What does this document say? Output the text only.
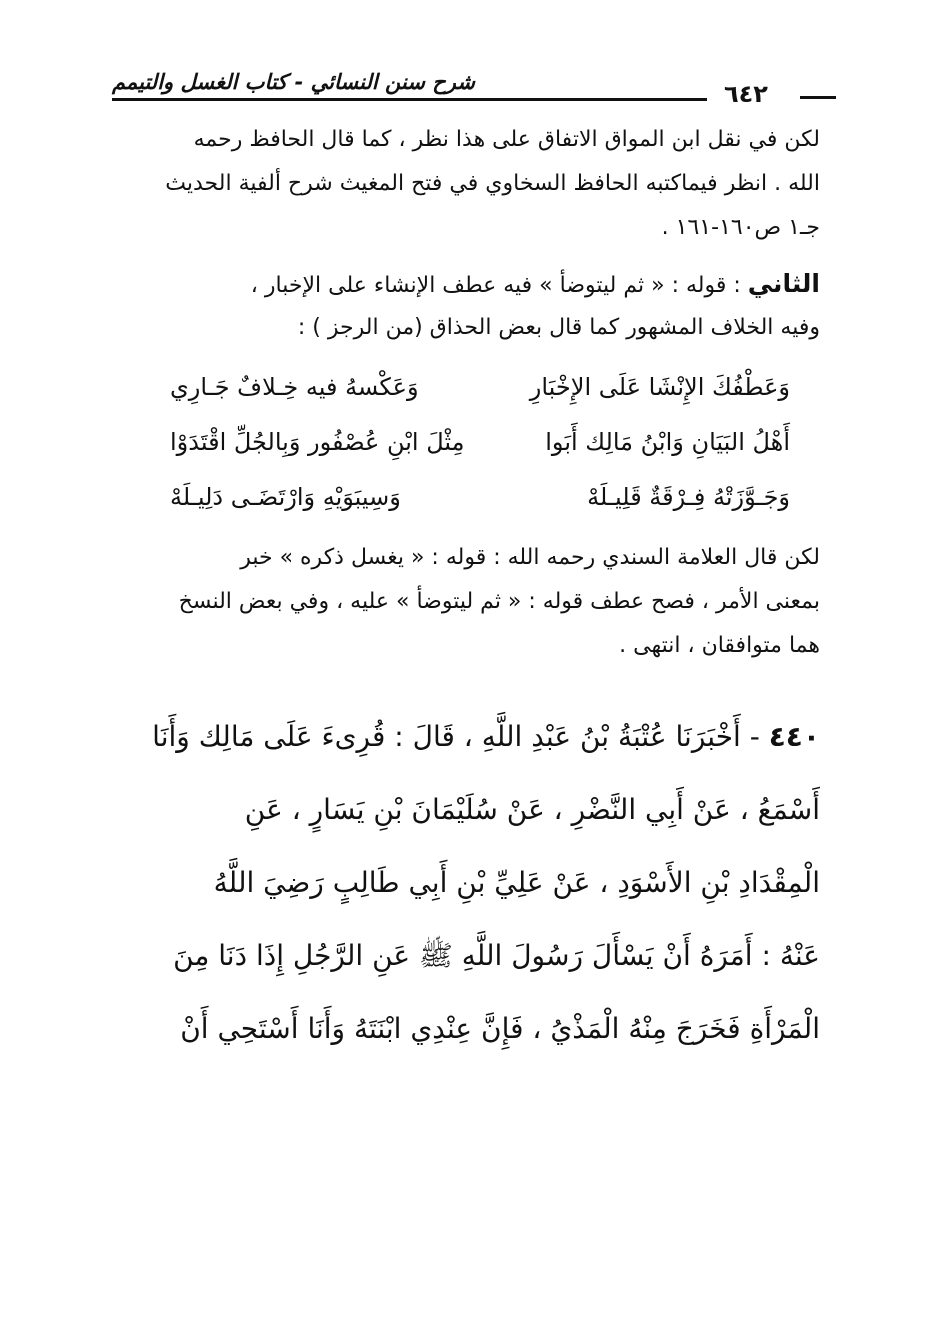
شرح سنن النسائي - كتاب الغسل والتيمم	٦٤٢
لكن في نقل ابن المواق الاتفاق على هذا نظر ، كما قال الحافظ رحمه
الله . انظر فيماكتبه الحافظ السخاوي في فتح المغيث شرح ألفية الحديث
جـ١ ص١٦٠-١٦١ .
الثاني : قوله : « ثم ليتوضأ » فيه عطف الإنشاء على الإخبار ،
وفيه الخلاف المشهور كما قال بعض الحذاق (من الرجز ) :
وَعَطْفُكَ الإِنْشَا عَلَى الإِخْبَارِ
وَعَكْسهُ فيه خِـلافٌ جَـارِي
أَهْلُ البَيَانِ وَابْنُ مَالِك أَبَوا
مِثْلَ ابْنِ عُصْفُور وَبِالجُلِّ اقْتَدَوْا
وَجَـوَّزَتْهُ فِـرْقَةٌ قَلِيـلَهْ
وَسِيبَوَيْهِ وَارْتَضَـى دَلِيـلَهْ
لكن قال العلامة السندي رحمه الله : قوله : « يغسل ذكره » خبر
بمعنى الأمر ، فصح عطف قوله : « ثم ليتوضأ » عليه ، وفي بعض النسخ
هما متوافقان ، انتهى .
٤٤٠ - أَخْبَرَنَا عُتْبَةُ بْنُ عَبْدِ اللَّهِ ، قَالَ : قُرِىءَ عَلَى مَالِك وَأَنَا
أَسْمَعُ ، عَنْ أَبِي النَّضْرِ ، عَنْ سُلَيْمَانَ بْنِ يَسَارٍ ، عَنِ
الْمِقْدَادِ بْنِ الأَسْوَدِ ، عَنْ عَلِيِّ بْنِ أَبِي طَالِبٍ رَضِيَ اللَّهُ
عَنْهُ : أَمَرَهُ أَنْ يَسْأَلَ رَسُولَ اللَّهِ ﷺ عَنِ الرَّجُلِ إِذَا دَنَا مِنَ
الْمَرْأَةِ فَخَرَجَ مِنْهُ الْمَذْيُ ، فَإِنَّ عِنْدِي ابْنَتَهُ وَأَنَا أَسْتَحِي أَنْ
